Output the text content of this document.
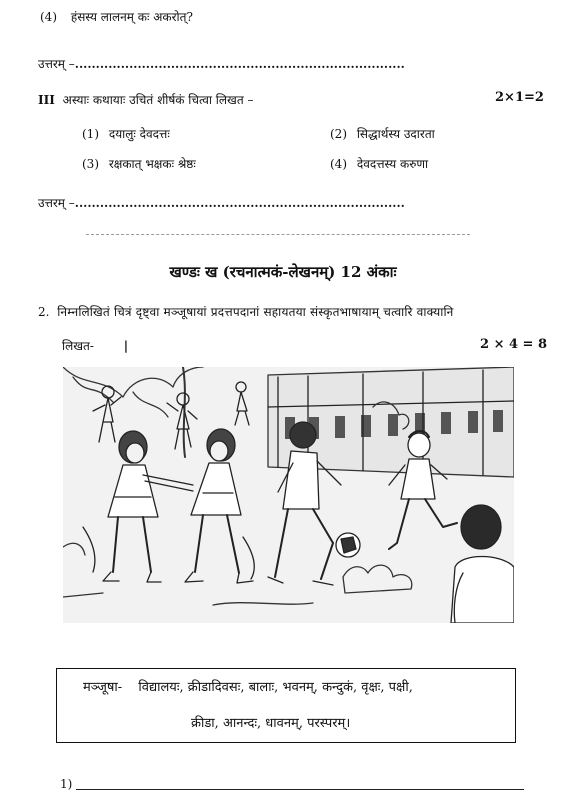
(4) हंसस्य लालनम् कः अकरोत्?
उत्तरम् –...............................................................................
III अस्याः कथायाः उचितं शीर्षकं चित्वा लिखत –	2×1=2
(1) दयालुः देवदत्तः	(2) सिद्धार्थस्य उदारता
(3) रक्षकात् भक्षकः श्रेष्ठः	(4) देवदत्तस्य करुणा
उत्तरम् –...............................................................................
खण्डः ख (रचनात्मकं-लेखनम्) 12 अंकाः
2. निम्नलिखितं चित्रं दृष्ट्वा मञ्जूषायां प्रदत्तपदानां सहायतया संस्कृतभाषायाम् चत्वारि वाक्यानि
लिखत- |	2 × 4 = 8
मञ्जूषा- विद्यालयः, क्रीडादिवसः, बालाः, भवनम्, कन्दुकं, वृक्षः, पक्षी,
क्रीडा, आनन्दः, धावनम्, परस्परम्।
1)
